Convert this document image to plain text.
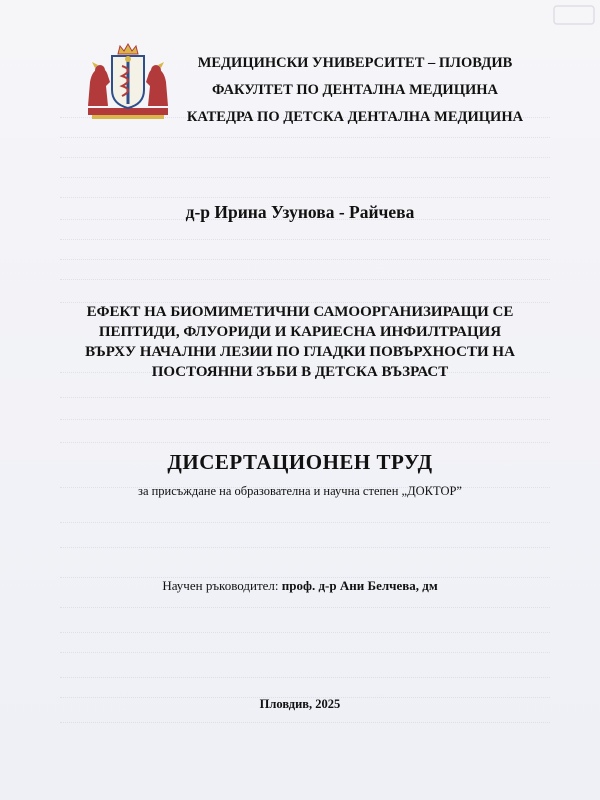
МЕДИЦИНСКИ УНИВЕРСИТЕТ – ПЛОВДИВ
ФАКУЛТЕТ ПО ДЕНТАЛНА МЕДИЦИНА
КАТЕДРА ПО ДЕТСКА ДЕНТАЛНА МЕДИЦИНА
д-р Ирина Узунова - Райчева
ЕФЕКТ НА БИОМИМЕТИЧНИ САМООРГАНИЗИРАЩИ СЕ
ПЕПТИДИ, ФЛУОРИДИ И КАРИЕСНА ИНФИЛТРАЦИЯ
ВЪРХУ НАЧАЛНИ ЛЕЗИИ ПО ГЛАДКИ ПОВЪРХНОСТИ НА
ПОСТОЯННИ ЗЪБИ В ДЕТСКА ВЪЗРАСТ
ДИСЕРТАЦИОНЕН ТРУД
за присъждане на образователна и научна степен „ДОКТОР”
Научен ръководител: проф. д-р Ани Белчева, дм
Пловдив, 2025
